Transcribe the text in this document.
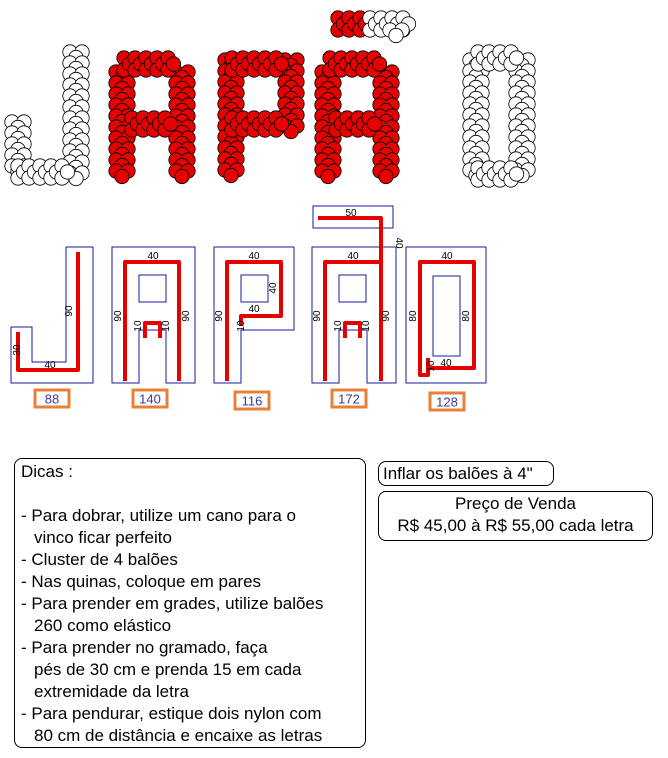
90
40
30
88
40
90	90
10 10
140
40
40
40
90
10
116
50
40
40
90	90
10 10
172
40
80	80
40
10
128
Dicas :
- Para dobrar, utilize um cano para o
vinco ficar perfeito
- Cluster de 4 balões
- Nas quinas, coloque em pares
- Para prender em grades, utilize balões
260 como elástico
- Para prender no gramado, faça
pés de 30 cm e prenda 15 em cada
extremidade da letra
- Para pendurar, estique dois nylon com
80 cm de distância e encaixe as letras
Inflar os balões à 4"
Preço de Venda
R$ 45,00 à R$ 55,00 cada letra
